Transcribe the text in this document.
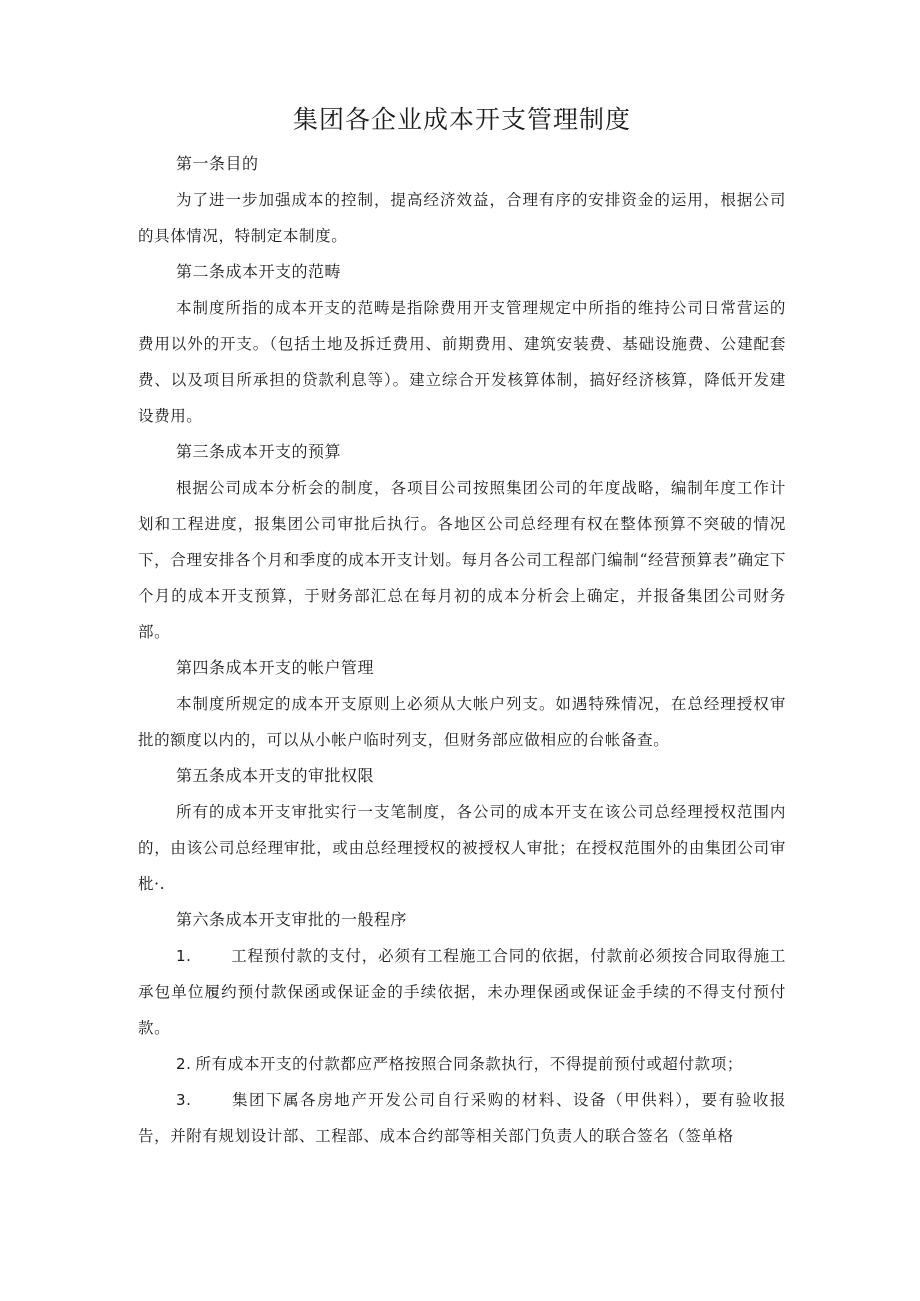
集团各企业成本开支管理制度

第一条目的

为了进一步加强成本的控制，提高经济效益，合理有序的安排资金的运用，根据公司的具体情况，特制定本制度。

第二条成本开支的范畴

本制度所指的成本开支的范畴是指除费用开支管理规定中所指的维持公司日常营运的费用以外的开支。（包括土地及拆迁费用、前期费用、建筑安装费、基础设施费、公建配套费、以及项目所承担的贷款利息等）。建立综合开发核算体制，搞好经济核算，降低开发建设费用。

第三条成本开支的预算

根据公司成本分析会的制度，各项目公司按照集团公司的年度战略，编制年度工作计划和工程进度，报集团公司审批后执行。各地区公司总经理有权在整体预算不突破的情况下，合理安排各个月和季度的成本开支计划。每月各公司工程部门编制“经营预算表”确定下个月的成本开支预算，于财务部汇总在每月初的成本分析会上确定，并报备集团公司财务部。

第四条成本开支的帐户管理

本制度所规定的成本开支原则上必须从大帐户列支。如遇特殊情况，在总经理授权审批的额度以内的，可以从小帐户临时列支，但财务部应做相应的台帐备查。

第五条成本开支的审批权限

所有的成本开支审批实行一支笔制度，各公司的成本开支在该公司总经理授权范围内的，由该公司总经理审批，或由总经理授权的被授权人审批；在授权范围外的由集团公司审枇·.

第六条成本开支审批的一般程序

1.	工程预付款的支付，必须有工程施工合同的依据，付款前必须按合同取得施工承包单位履约预付款保函或保证金的手续依据，未办理保函或保证金手续的不得支付预付款。

2. 所有成本开支的付款都应严格按照合同条款执行，不得提前预付或超付款项；

3.	集团下属各房地产开发公司自行采购的材料、设备（甲供料），要有验收报告，并附有规划设计部、工程部、成本合约部等相关部门负责人的联合签名（签单格
